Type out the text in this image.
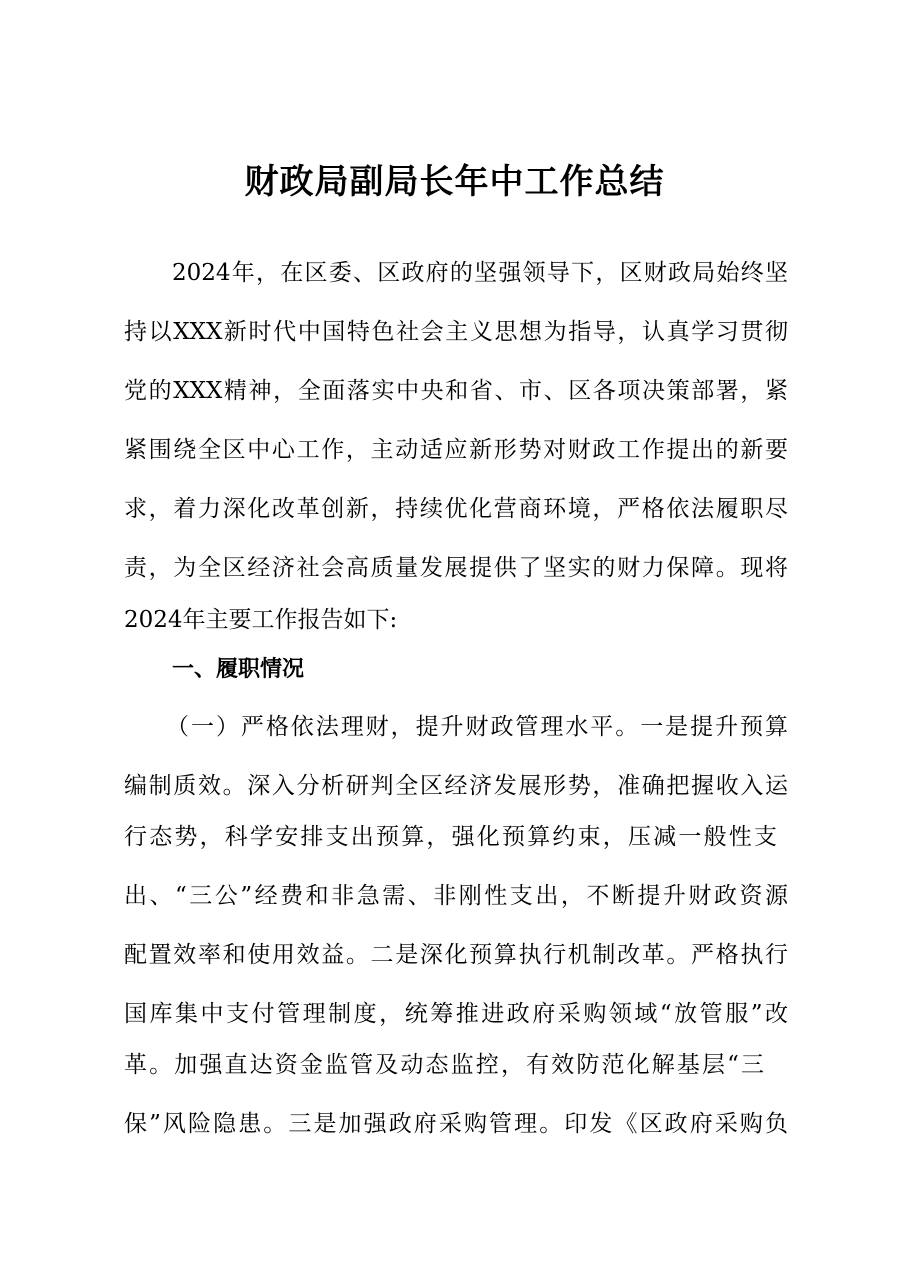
财政局副局长年中工作总结
2024年，在区委、区政府的坚强领导下，区财政局始终坚
持以XXX新时代中国特色社会主义思想为指导，认真学习贯彻
党的XXX精神，全面落实中央和省、市、区各项决策部署，紧
紧围绕全区中心工作，主动适应新形势对财政工作提出的新要
求，着力深化改革创新，持续优化营商环境，严格依法履职尽
责，为全区经济社会高质量发展提供了坚实的财力保障。现将
2024年主要工作报告如下:
一、履职情况
（一）严格依法理财，提升财政管理水平。一是提升预算
编制质效。深入分析研判全区经济发展形势，准确把握收入运
行态势，科学安排支出预算，强化预算约束，压减一般性支
出、“三公”经费和非急需、非刚性支出，不断提升财政资源
配置效率和使用效益。二是深化预算执行机制改革。严格执行
国库集中支付管理制度，统筹推进政府采购领域“放管服”改
革。加强直达资金监管及动态监控，有效防范化解基层“三
保”风险隐患。三是加强政府采购管理。印发《区政府采购负
